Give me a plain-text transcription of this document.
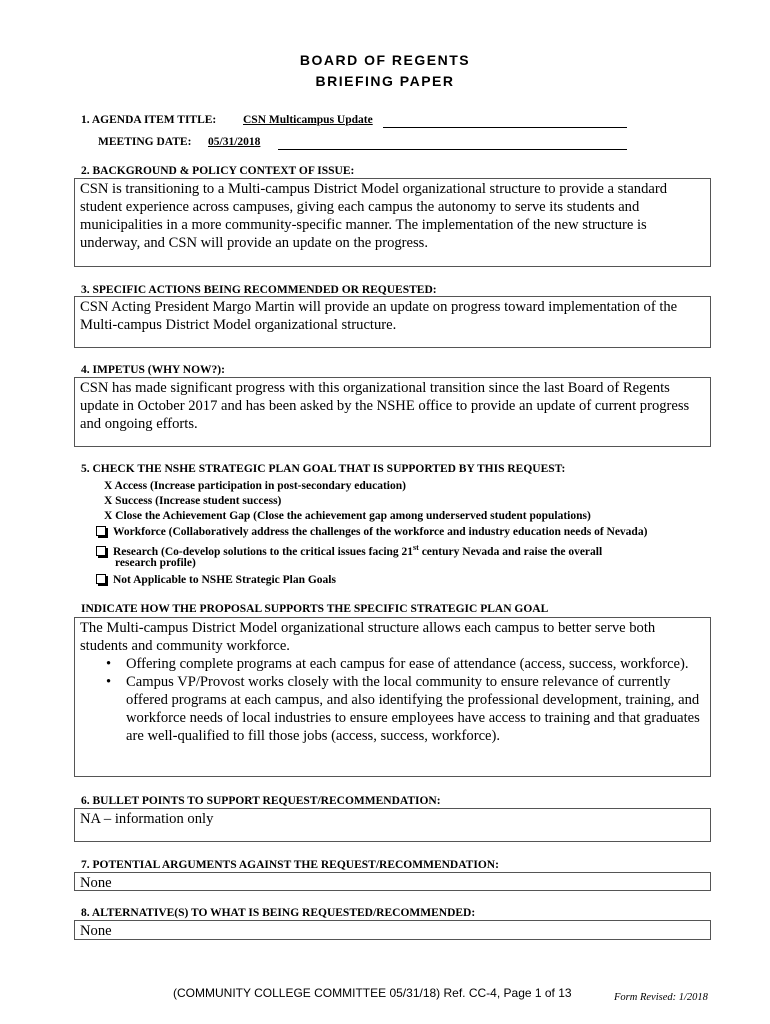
BOARD OF REGENTS
BRIEFING PAPER
1. AGENDA ITEM TITLE: CSN Multicampus Update
MEETING DATE: 05/31/2018
2. BACKGROUND & POLICY CONTEXT OF ISSUE:

CSN is transitioning to a Multi-campus District Model organizational structure to provide a standard student experience across campuses, giving each campus the autonomy to serve its students and municipalities in a more community-specific manner. The implementation of the new structure is underway, and CSN will provide an update on the progress.

3. SPECIFIC ACTIONS BEING RECOMMENDED OR REQUESTED:

CSN Acting President Margo Martin will provide an update on progress toward implementation of the Multi-campus District Model organizational structure.

4. IMPETUS (WHY NOW?):

CSN has made significant progress with this organizational transition since the last Board of Regents update in October 2017 and has been asked by the NSHE office to provide an update of current progress and ongoing efforts.

5. CHECK THE NSHE STRATEGIC PLAN GOAL THAT IS SUPPORTED BY THIS REQUEST:
X Access (Increase participation in post-secondary education)
X Success (Increase student success)
X Close the Achievement Gap (Close the achievement gap among underserved student populations)
Workforce (Collaboratively address the challenges of the workforce and industry education needs of Nevada)
Research (Co-develop solutions to the critical issues facing 21st century Nevada and raise the overall
research profile)
Not Applicable to NSHE Strategic Plan Goals
INDICATE HOW THE PROPOSAL SUPPORTS THE SPECIFIC STRATEGIC PLAN GOAL

The Multi-campus District Model organizational structure allows each campus to better serve both students and community workforce.

• Offering complete programs at each campus for ease of attendance (access, success, workforce).
• Campus VP/Provost works closely with the local community to ensure relevance of currently offered programs at each campus, and also identifying the professional development, training, and workforce needs of local industries to ensure employees have access to training and that graduates are well-qualified to fill those jobs (access, success, workforce).
6. BULLET POINTS TO SUPPORT REQUEST/RECOMMENDATION:

NA – information only

7. POTENTIAL ARGUMENTS AGAINST THE REQUEST/RECOMMENDATION:

None

8. ALTERNATIVE(S) TO WHAT IS BEING REQUESTED/RECOMMENDED:

None

(COMMUNITY COLLEGE COMMITTEE 05/31/18) Ref. CC-4, Page 1 of 13	Form Revised: 1/2018
